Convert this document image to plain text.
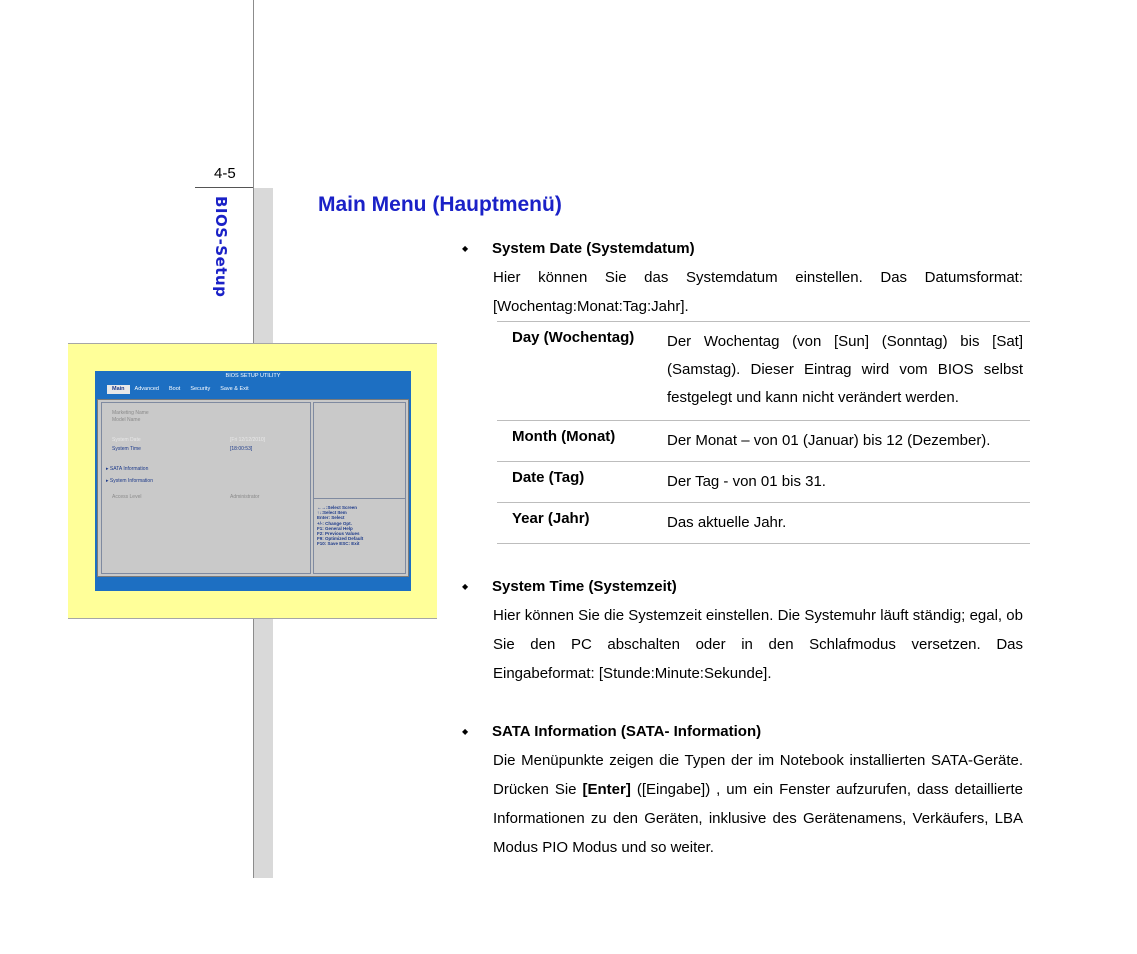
4-5
BIOS-Setup
BIOS SETUP UTILITY
Main	Advanced	Boot	Security	Save & Exit
Marketing Name
Model Name
System Date	[Fri 12/12/2010]
System Time	[18:00:53]
▸ SATA Information
▸ System Information
Access Level	Administrator
←→:Select Screen
↑↓:Select Item
Enter: Select
+/-: Change Opt.
F1: General Help
F2: Previous Values
F9: Optimized Default
F10: Save ESC: Exit
Main Menu (Hauptmenü)
◆ System Date (Systemdatum)
Hier können Sie das Systemdatum einstellen. Das Datumsformat: [Wochentag:Monat:Tag:Jahr].
Day (Wochentag)	Der Wochentag (von [Sun] (Sonntag) bis [Sat] (Samstag). Dieser Eintrag wird vom BIOS selbst festgelegt und kann nicht verändert werden.
Month (Monat)	Der Monat – von 01 (Januar) bis 12 (Dezember).
Date (Tag)	Der Tag - von 01 bis 31.
Year (Jahr)	Das aktuelle Jahr.
◆ System Time (Systemzeit)
Hier können Sie die Systemzeit einstellen. Die Systemuhr läuft ständig; egal, ob Sie den PC abschalten oder in den Schlafmodus versetzen. Das Eingabeformat: [Stunde:Minute:Sekunde].
◆ SATA Information (SATA- Information)
Die Menüpunkte zeigen die Typen der im Notebook installierten SATA-Geräte. Drücken Sie [Enter] ([Eingabe]) , um ein Fenster aufzurufen, dass detaillierte Informationen zu den Geräten, inklusive des Gerätenamens, Verkäufers, LBA Modus PIO Modus und so weiter.
